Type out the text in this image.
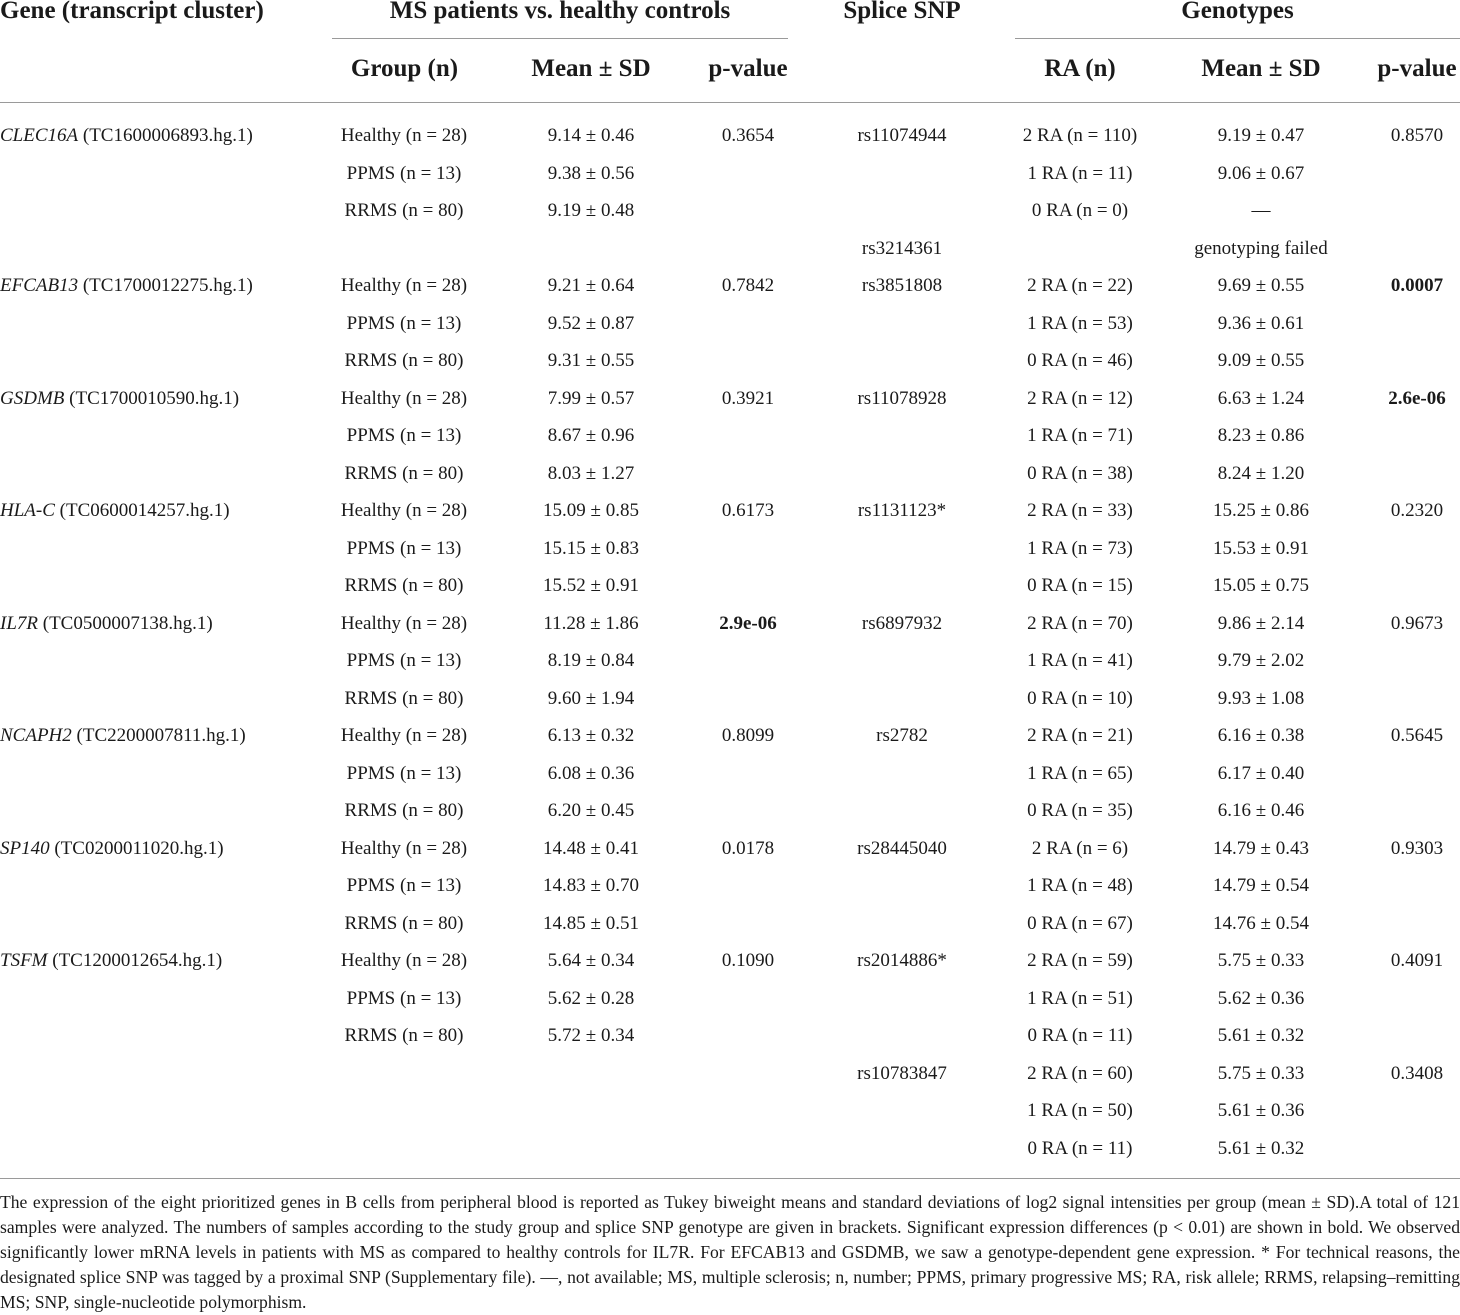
Gene (transcript cluster)	MS patients vs. healthy controls	Splice SNP	Genotypes
Group (n)	Mean ± SD	p-value	RA (n)	Mean ± SD	p-value
CLEC16A (TC1600006893.hg.1)	Healthy (n = 28)	9.14 ± 0.46	0.3654	rs11074944	2 RA (n = 110)	9.19 ± 0.47	0.8570
PPMS (n = 13)	9.38 ± 0.56	1 RA (n = 11)	9.06 ± 0.67
RRMS (n = 80)	9.19 ± 0.48	0 RA (n = 0)	—
rs3214361	genotyping failed
EFCAB13 (TC1700012275.hg.1)	Healthy (n = 28)	9.21 ± 0.64	0.7842	rs3851808	2 RA (n = 22)	9.69 ± 0.55	0.0007
PPMS (n = 13)	9.52 ± 0.87	1 RA (n = 53)	9.36 ± 0.61
RRMS (n = 80)	9.31 ± 0.55	0 RA (n = 46)	9.09 ± 0.55
GSDMB (TC1700010590.hg.1)	Healthy (n = 28)	7.99 ± 0.57	0.3921	rs11078928	2 RA (n = 12)	6.63 ± 1.24	2.6e-06
PPMS (n = 13)	8.67 ± 0.96	1 RA (n = 71)	8.23 ± 0.86
RRMS (n = 80)	8.03 ± 1.27	0 RA (n = 38)	8.24 ± 1.20
HLA-C (TC0600014257.hg.1)	Healthy (n = 28)	15.09 ± 0.85	0.6173	rs1131123*	2 RA (n = 33)	15.25 ± 0.86	0.2320
PPMS (n = 13)	15.15 ± 0.83	1 RA (n = 73)	15.53 ± 0.91
RRMS (n = 80)	15.52 ± 0.91	0 RA (n = 15)	15.05 ± 0.75
IL7R (TC0500007138.hg.1)	Healthy (n = 28)	11.28 ± 1.86	2.9e-06	rs6897932	2 RA (n = 70)	9.86 ± 2.14	0.9673
PPMS (n = 13)	8.19 ± 0.84	1 RA (n = 41)	9.79 ± 2.02
RRMS (n = 80)	9.60 ± 1.94	0 RA (n = 10)	9.93 ± 1.08
NCAPH2 (TC2200007811.hg.1)	Healthy (n = 28)	6.13 ± 0.32	0.8099	rs2782	2 RA (n = 21)	6.16 ± 0.38	0.5645
PPMS (n = 13)	6.08 ± 0.36	1 RA (n = 65)	6.17 ± 0.40
RRMS (n = 80)	6.20 ± 0.45	0 RA (n = 35)	6.16 ± 0.46
SP140 (TC0200011020.hg.1)	Healthy (n = 28)	14.48 ± 0.41	0.0178	rs28445040	2 RA (n = 6)	14.79 ± 0.43	0.9303
PPMS (n = 13)	14.83 ± 0.70	1 RA (n = 48)	14.79 ± 0.54
RRMS (n = 80)	14.85 ± 0.51	0 RA (n = 67)	14.76 ± 0.54
TSFM (TC1200012654.hg.1)	Healthy (n = 28)	5.64 ± 0.34	0.1090	rs2014886*	2 RA (n = 59)	5.75 ± 0.33	0.4091
PPMS (n = 13)	5.62 ± 0.28	1 RA (n = 51)	5.62 ± 0.36
RRMS (n = 80)	5.72 ± 0.34	0 RA (n = 11)	5.61 ± 0.32
rs10783847	2 RA (n = 60)	5.75 ± 0.33	0.3408
1 RA (n = 50)	5.61 ± 0.36
0 RA (n = 11)	5.61 ± 0.32
The expression of the eight prioritized genes in B cells from peripheral blood is reported as Tukey biweight means and standard deviations of log2 signal intensities per group (mean ± SD).A total of 121 samples were analyzed. The numbers of samples according to the study group and splice SNP genotype are given in brackets. Significant expression differences (p < 0.01) are shown in bold. We observed significantly lower mRNA levels in patients with MS as compared to healthy controls for IL7R. For EFCAB13 and GSDMB, we saw a genotype-dependent gene expression. * For technical reasons, the designated splice SNP was tagged by a proximal SNP (Supplementary file). —, not available; MS, multiple sclerosis; n, number; PPMS, primary progressive MS; RA, risk allele; RRMS, relapsing–remitting MS; SNP, single-nucleotide polymorphism.
